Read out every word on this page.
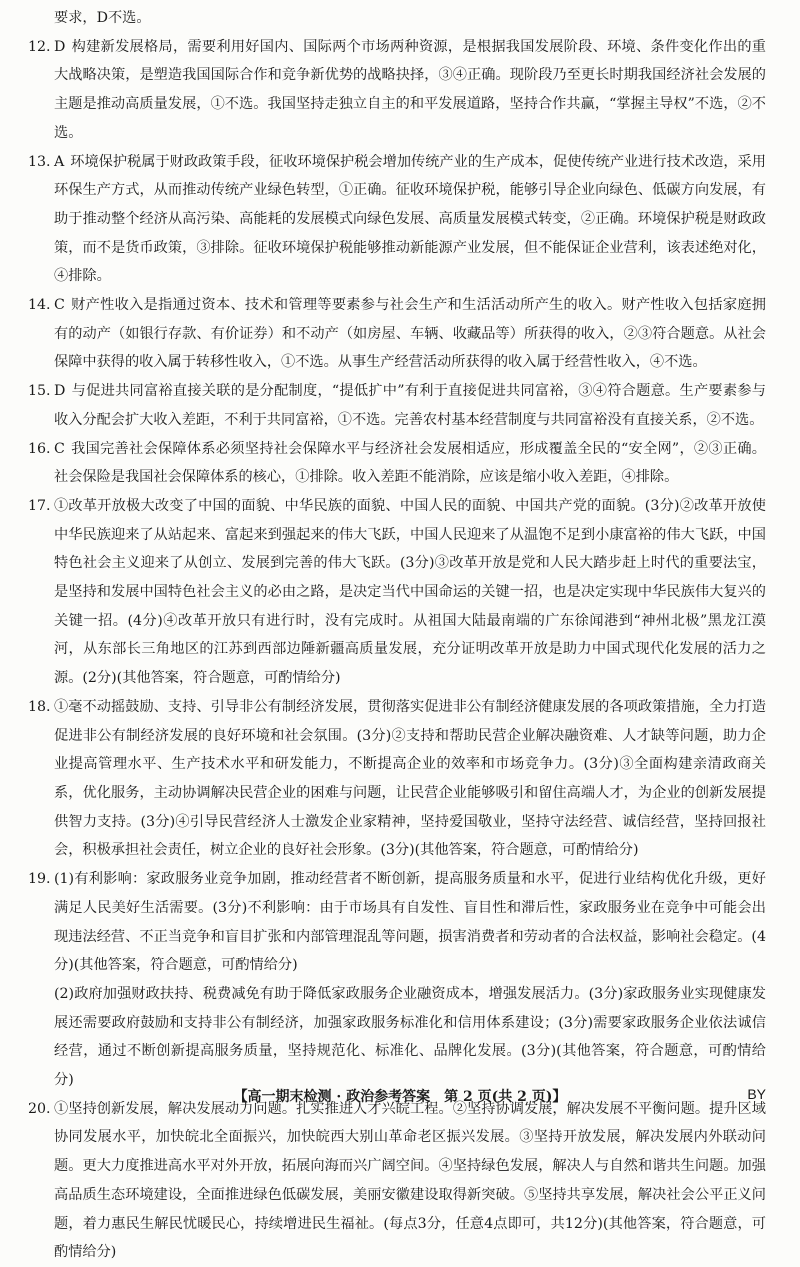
要求，D不选。

12. D 构建新发展格局，需要利用好国内、国际两个市场两种资源，是根据我国发展阶段、环境、条件变化作出的重大战略决策，是塑造我国国际合作和竞争新优势的战略抉择，③④正确。现阶段乃至更长时期我国经济社会发展的主题是推动高质量发展，①不选。我国坚持走独立自主的和平发展道路，坚持合作共赢，“掌握主导权”不选，②不选。

13. A 环境保护税属于财政政策手段，征收环境保护税会增加传统产业的生产成本，促使传统产业进行技术改造，采用环保生产方式，从而推动传统产业绿色转型，①正确。征收环境保护税，能够引导企业向绿色、低碳方向发展，有助于推动整个经济从高污染、高能耗的发展模式向绿色发展、高质量发展模式转变，②正确。环境保护税是财政政策，而不是货币政策，③排除。征收环境保护税能够推动新能源产业发展，但不能保证企业营利，该表述绝对化，④排除。

14. C 财产性收入是指通过资本、技术和管理等要素参与社会生产和生活活动所产生的收入。财产性收入包括家庭拥有的动产（如银行存款、有价证券）和不动产（如房屋、车辆、收藏品等）所获得的收入，②③符合题意。从社会保障中获得的收入属于转移性收入，①不选。从事生产经营活动所获得的收入属于经营性收入，④不选。

15. D 与促进共同富裕直接关联的是分配制度，“提低扩中”有利于直接促进共同富裕，③④符合题意。生产要素参与收入分配会扩大收入差距，不利于共同富裕，①不选。完善农村基本经营制度与共同富裕没有直接关系，②不选。

16. C 我国完善社会保障体系必须坚持社会保障水平与经济社会发展相适应，形成覆盖全民的“安全网”，②③正确。社会保险是我国社会保障体系的核心，①排除。收入差距不能消除，应该是缩小收入差距，④排除。

17. ①改革开放极大改变了中国的面貌、中华民族的面貌、中国人民的面貌、中国共产党的面貌。(3分)②改革开放使中华民族迎来了从站起来、富起来到强起来的伟大飞跃，中国人民迎来了从温饱不足到小康富裕的伟大飞跃，中国特色社会主义迎来了从创立、发展到完善的伟大飞跃。(3分)③改革开放是党和人民大踏步赶上时代的重要法宝，是坚持和发展中国特色社会主义的必由之路，是决定当代中国命运的关键一招，也是决定实现中华民族伟大复兴的关键一招。(4分)④改革开放只有进行时，没有完成时。从祖国大陆最南端的广东徐闻港到“神州北极”黑龙江漠河，从东部长三角地区的江苏到西部边陲新疆高质量发展，充分证明改革开放是助力中国式现代化发展的活力之源。(2分)(其他答案，符合题意，可酌情给分)

18. ①毫不动摇鼓励、支持、引导非公有制经济发展，贯彻落实促进非公有制经济健康发展的各项政策措施，全力打造促进非公有制经济发展的良好环境和社会氛围。(3分)②支持和帮助民营企业解决融资难、人才缺等问题，助力企业提高管理水平、生产技术水平和研发能力，不断提高企业的效率和市场竞争力。(3分)③全面构建亲清政商关系，优化服务，主动协调解决民营企业的困难与问题，让民营企业能够吸引和留住高端人才，为企业的创新发展提供智力支持。(3分)④引导民营经济人士激发企业家精神，坚持爱国敬业，坚持守法经营、诚信经营，坚持回报社会，积极承担社会责任，树立企业的良好社会形象。(3分)(其他答案，符合题意，可酌情给分)

19. (1)有利影响：家政服务业竞争加剧，推动经营者不断创新，提高服务质量和水平，促进行业结构优化升级，更好满足人民美好生活需要。(3分)不利影响：由于市场具有自发性、盲目性和滞后性，家政服务业在竞争中可能会出现违法经营、不正当竞争和盲目扩张和内部管理混乱等问题，损害消费者和劳动者的合法权益，影响社会稳定。(4分)(其他答案，符合题意，可酌情给分)

(2)政府加强财政扶持、税费减免有助于降低家政服务企业融资成本，增强发展活力。(3分)家政服务业实现健康发展还需要政府鼓励和支持非公有制经济，加强家政服务标准化和信用体系建设；(3分)需要家政服务企业依法诚信经营，通过不断创新提高服务质量，坚持规范化、标准化、品牌化发展。(3分)(其他答案，符合题意，可酌情给分)

20. ①坚持创新发展，解决发展动力问题。扎实推进人才兴皖工程。②坚持协调发展，解决发展不平衡问题。提升区域协同发展水平，加快皖北全面振兴，加快皖西大别山革命老区振兴发展。③坚持开放发展，解决发展内外联动问题。更大力度推进高水平对外开放，拓展向海而兴广阔空间。④坚持绿色发展，解决人与自然和谐共生问题。加强高品质生态环境建设，全面推进绿色低碳发展，美丽安徽建设取得新突破。⑤坚持共享发展，解决社会公平正义问题，着力惠民生解民忧暖民心，持续增进民生福祉。(每点3分，任意4点即可，共12分)(其他答案，符合题意，可酌情给分)

【高一期末检测 · 政治参考答案　第 2 页(共 2 页)】	BY
